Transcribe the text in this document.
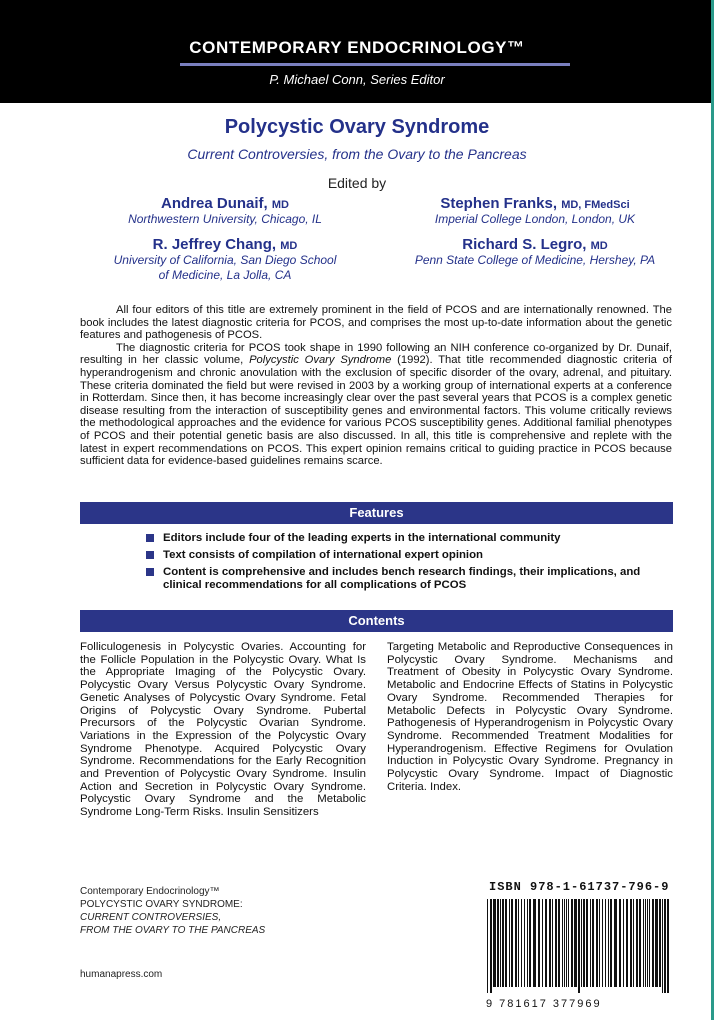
CONTEMPORARY ENDOCRINOLOGY™
P. Michael Conn, Series Editor
Polycystic Ovary Syndrome
Current Controversies, from the Ovary to the Pancreas
Edited by
Andrea Dunaif, MD
Northwestern University, Chicago, IL
Stephen Franks, MD, FMedSci
Imperial College London, London, UK
R. Jeffrey Chang, MD
University of California, San Diego School
of Medicine, La Jolla, CA
Richard S. Legro, MD
Penn State College of Medicine, Hershey, PA

All four editors of this title are extremely prominent in the field of PCOS and are internationally renowned. The book includes the latest diagnostic criteria for PCOS, and comprises the most up-to-date information about the genetic features and pathogenesis of PCOS.

The diagnostic criteria for PCOS took shape in 1990 following an NIH conference co-organized by Dr. Dunaif, resulting in her classic volume, Polycystic Ovary Syndrome (1992). That title recommended diagnostic criteria of hyperandrogenism and chronic anovulation with the exclusion of specific disorder of the ovary, adrenal, and pituitary. These criteria dominated the field but were revised in 2003 by a working group of international experts at a conference in Rotterdam. Since then, it has become increasingly clear over the past several years that PCOS is a complex genetic disease resulting from the interaction of susceptibility genes and environmental factors. This volume critically reviews the methodological approaches and the evidence for various PCOS susceptibility genes. Additional familial phenotypes of PCOS and their potential genetic basis are also discussed. In all, this title is comprehensive and replete with the latest in expert recommendations on PCOS. This expert opinion remains critical to guiding practice in PCOS because sufficient data for evidence-based guidelines remains scarce.

Features
Editors include four of the leading experts in the international community
Text consists of compilation of international expert opinion
Content is comprehensive and includes bench research findings, their implications, and clinical recommendations for all complications of PCOS
Contents
Folliculogenesis in Polycystic Ovaries. Accounting for the Follicle Population in the Polycystic Ovary. What Is the Appropriate Imaging of the Polycystic Ovary. Polycystic Ovary Versus Polycystic Ovary Syndrome. Genetic Analyses of Polycystic Ovary Syndrome. Fetal Origins of Polycystic Ovary Syndrome. Pubertal Precursors of the Polycystic Ovarian Syndrome. Variations in the Expression of the Polycystic Ovary Syndrome Phenotype. Acquired Polycystic Ovary Syndrome. Recommendations for the Early Recognition and Prevention of Polycystic Ovary Syndrome. Insulin Action and Secretion in Polycystic Ovary Syndrome. Polycystic Ovary Syndrome and the Metabolic Syndrome Long-Term Risks. Insulin Sensitizers
Targeting Metabolic and Reproductive Consequences in Polycystic Ovary Syndrome. Mechanisms and Treatment of Obesity in Polycystic Ovary Syndrome. Metabolic and Endocrine Effects of Statins in Polycystic Ovary Syndrome. Recommended Therapies for Metabolic Defects in Polycystic Ovary Syndrome. Pathogenesis of Hyperandrogenism in Polycystic Ovary Syndrome. Recommended Treatment Modalities for Hyperandrogenism. Effective Regimens for Ovulation Induction in Polycystic Ovary Syndrome. Pregnancy in Polycystic Ovary Syndrome. Impact of Diagnostic Criteria. Index.
Contemporary Endocrinology™
POLYCYSTIC OVARY SYNDROME:
CURRENT CONTROVERSIES,
FROM THE OVARY TO THE PANCREAS
humanapress.com
ISBN 978-1-61737-796-9
9 781617 377969
